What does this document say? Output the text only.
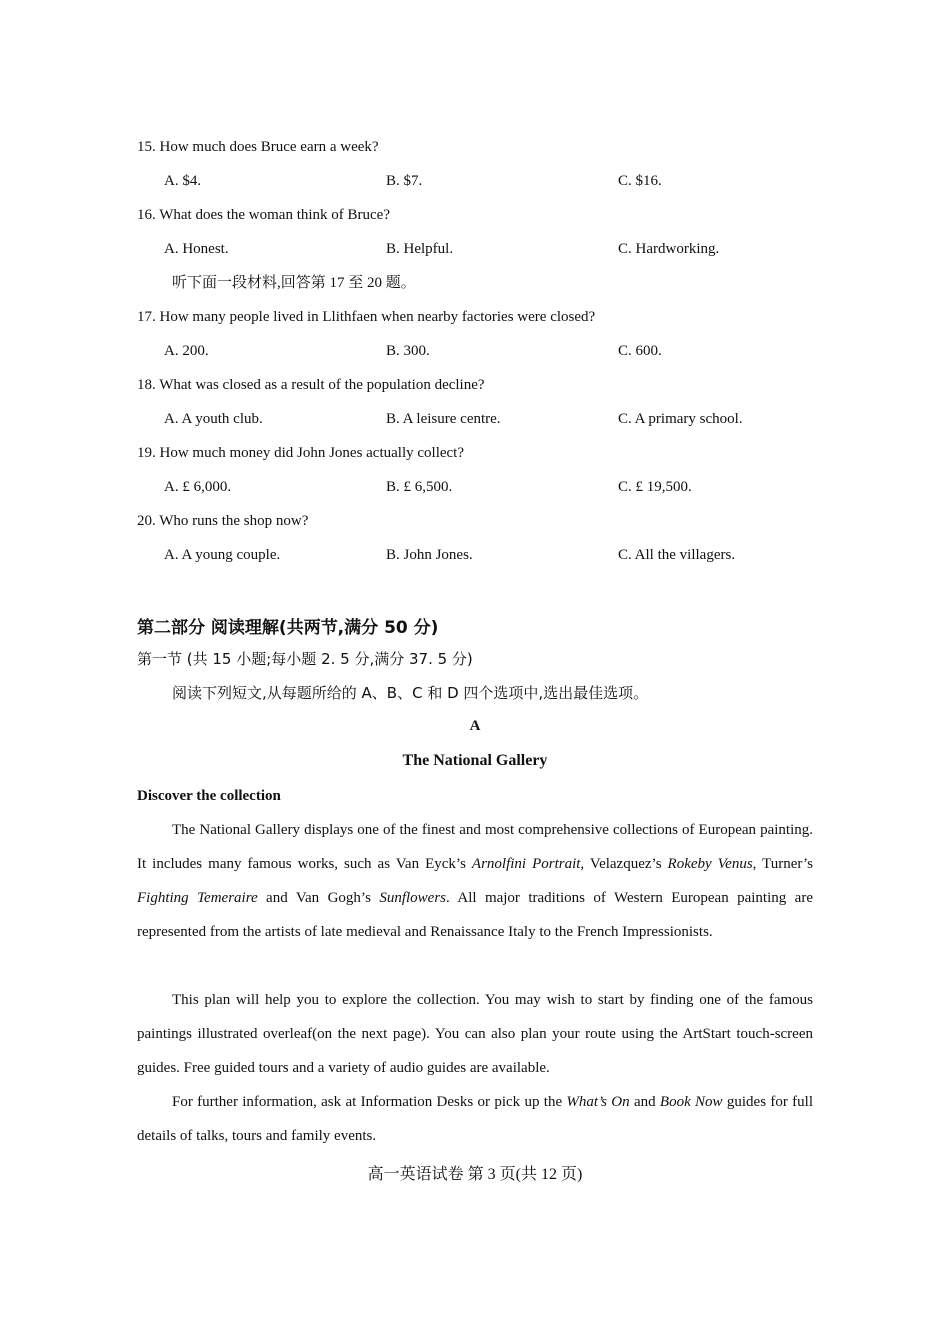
15. How much does Bruce earn a week?
A. $4.	B. $7.	C. $16.
16. What does the woman think of Bruce?
A. Honest.	B. Helpful.	C. Hardworking.
听下面一段材料,回答第 17 至 20 题。
17. How many people lived in Llithfaen when nearby factories were closed?
A. 200.	B. 300.	C. 600.
18. What was closed as a result of the population decline?
A. A youth club.	B. A leisure centre.	C. A primary school.
19. How much money did John Jones actually collect?
A. £ 6,000.	B. £ 6,500.	C. £ 19,500.
20. Who runs the shop now?
A. A young couple.	B. John Jones.	C. All the villagers.
第二部分 阅读理解(共两节,满分 50 分)
第一节 (共 15 小题;每小题 2. 5 分,满分 37. 5 分)
阅读下列短文,从每题所给的 A、B、C 和 D 四个选项中,选出最佳选项。
A
The National Gallery
Discover the collection
The National Gallery displays one of the finest and most comprehensive collections of European painting. It includes many famous works, such as Van Eyck’s Arnolfini Portrait, Velazquez’s Rokeby Venus, Turner’s Fighting Temeraire and Van Gogh’s Sunflowers. All major traditions of Western European painting are represented from the artists of late medieval and Renaissance Italy to the French Impressionists.
This plan will help you to explore the collection. You may wish to start by finding one of the famous paintings illustrated overleaf(on the next page). You can also plan your route using the ArtStart touch-screen guides. Free guided tours and a variety of audio guides are available.
For further information, ask at Information Desks or pick up the What’s On and Book Now guides for full details of talks, tours and family events.
高一英语试卷 第 3 页(共 12 页)
